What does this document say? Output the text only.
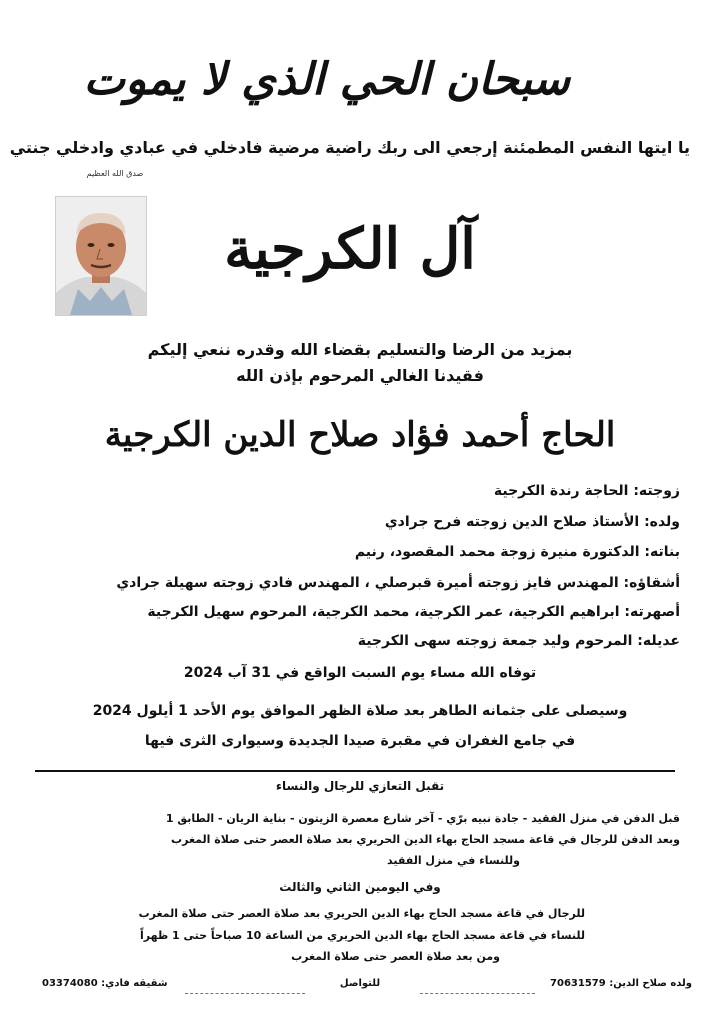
سبحان الحي الذي لا يموت
يا ايتها النفس المطمئنة إرجعي الى ربك راضية مرضية فادخلي في عبادي وادخلي جنتي
صدق الله العظيم
آل الكرجية
بمزيد من الرضا والتسليم بقضاء الله وقدره ننعي إليكم
فقيدنا الغالي المرحوم بإذن الله
الحاج أحمد فؤاد صلاح الدين الكرجية
زوجته: الحاجة رندة الكرجية
ولده: الأستاذ صلاح الدين زوجته فرح جرادي
بناته: الدكتورة منيرة زوجة محمد المقصود، رنيم
أشقاؤه: المهندس فايز زوجته أميرة قبرصلي ، المهندس فادي زوجته سهيلة جرادي
أصهرته: ابراهيم الكرجية، عمر الكرجية، محمد الكرجية، المرحوم سهيل الكرجية
عديله: المرحوم وليد جمعة زوجته سهى الكرجية
توفاه الله مساء يوم السبت الواقع في 31 آب 2024
وسيصلى على جثمانه الطاهر بعد صلاة الظهر الموافق يوم الأحد 1 أيلول 2024
في جامع الغفران في مقبرة صيدا الجديدة وسيوارى الثرى فيها
تقبل التعازي للرجال والنساء
قبل الدفن في منزل الفقيد - جادة نبيه برّي - آخر شارع معصرة الزيتون - بناية الريان - الطابق 1
وبعد الدفن للرجال في قاعة مسجد الحاج بهاء الدين الحريري بعد صلاة العصر حتى صلاة المغرب
وللنساء في منزل الفقيد
وفي اليومين الثاني والثالث
للرجال في قاعة مسجد الحاج بهاء الدين الحريري بعد صلاة العصر حتى صلاة المغرب
للنساء في قاعة مسجد الحاج بهاء الدين الحريري من الساعة 10 صباحاً حتى 1 ظهراً
ومن بعد صلاة العصر حتى صلاة المغرب
ولده صلاح الدين: 70631579
للتواصل
شقيقه فادي: 03374080
